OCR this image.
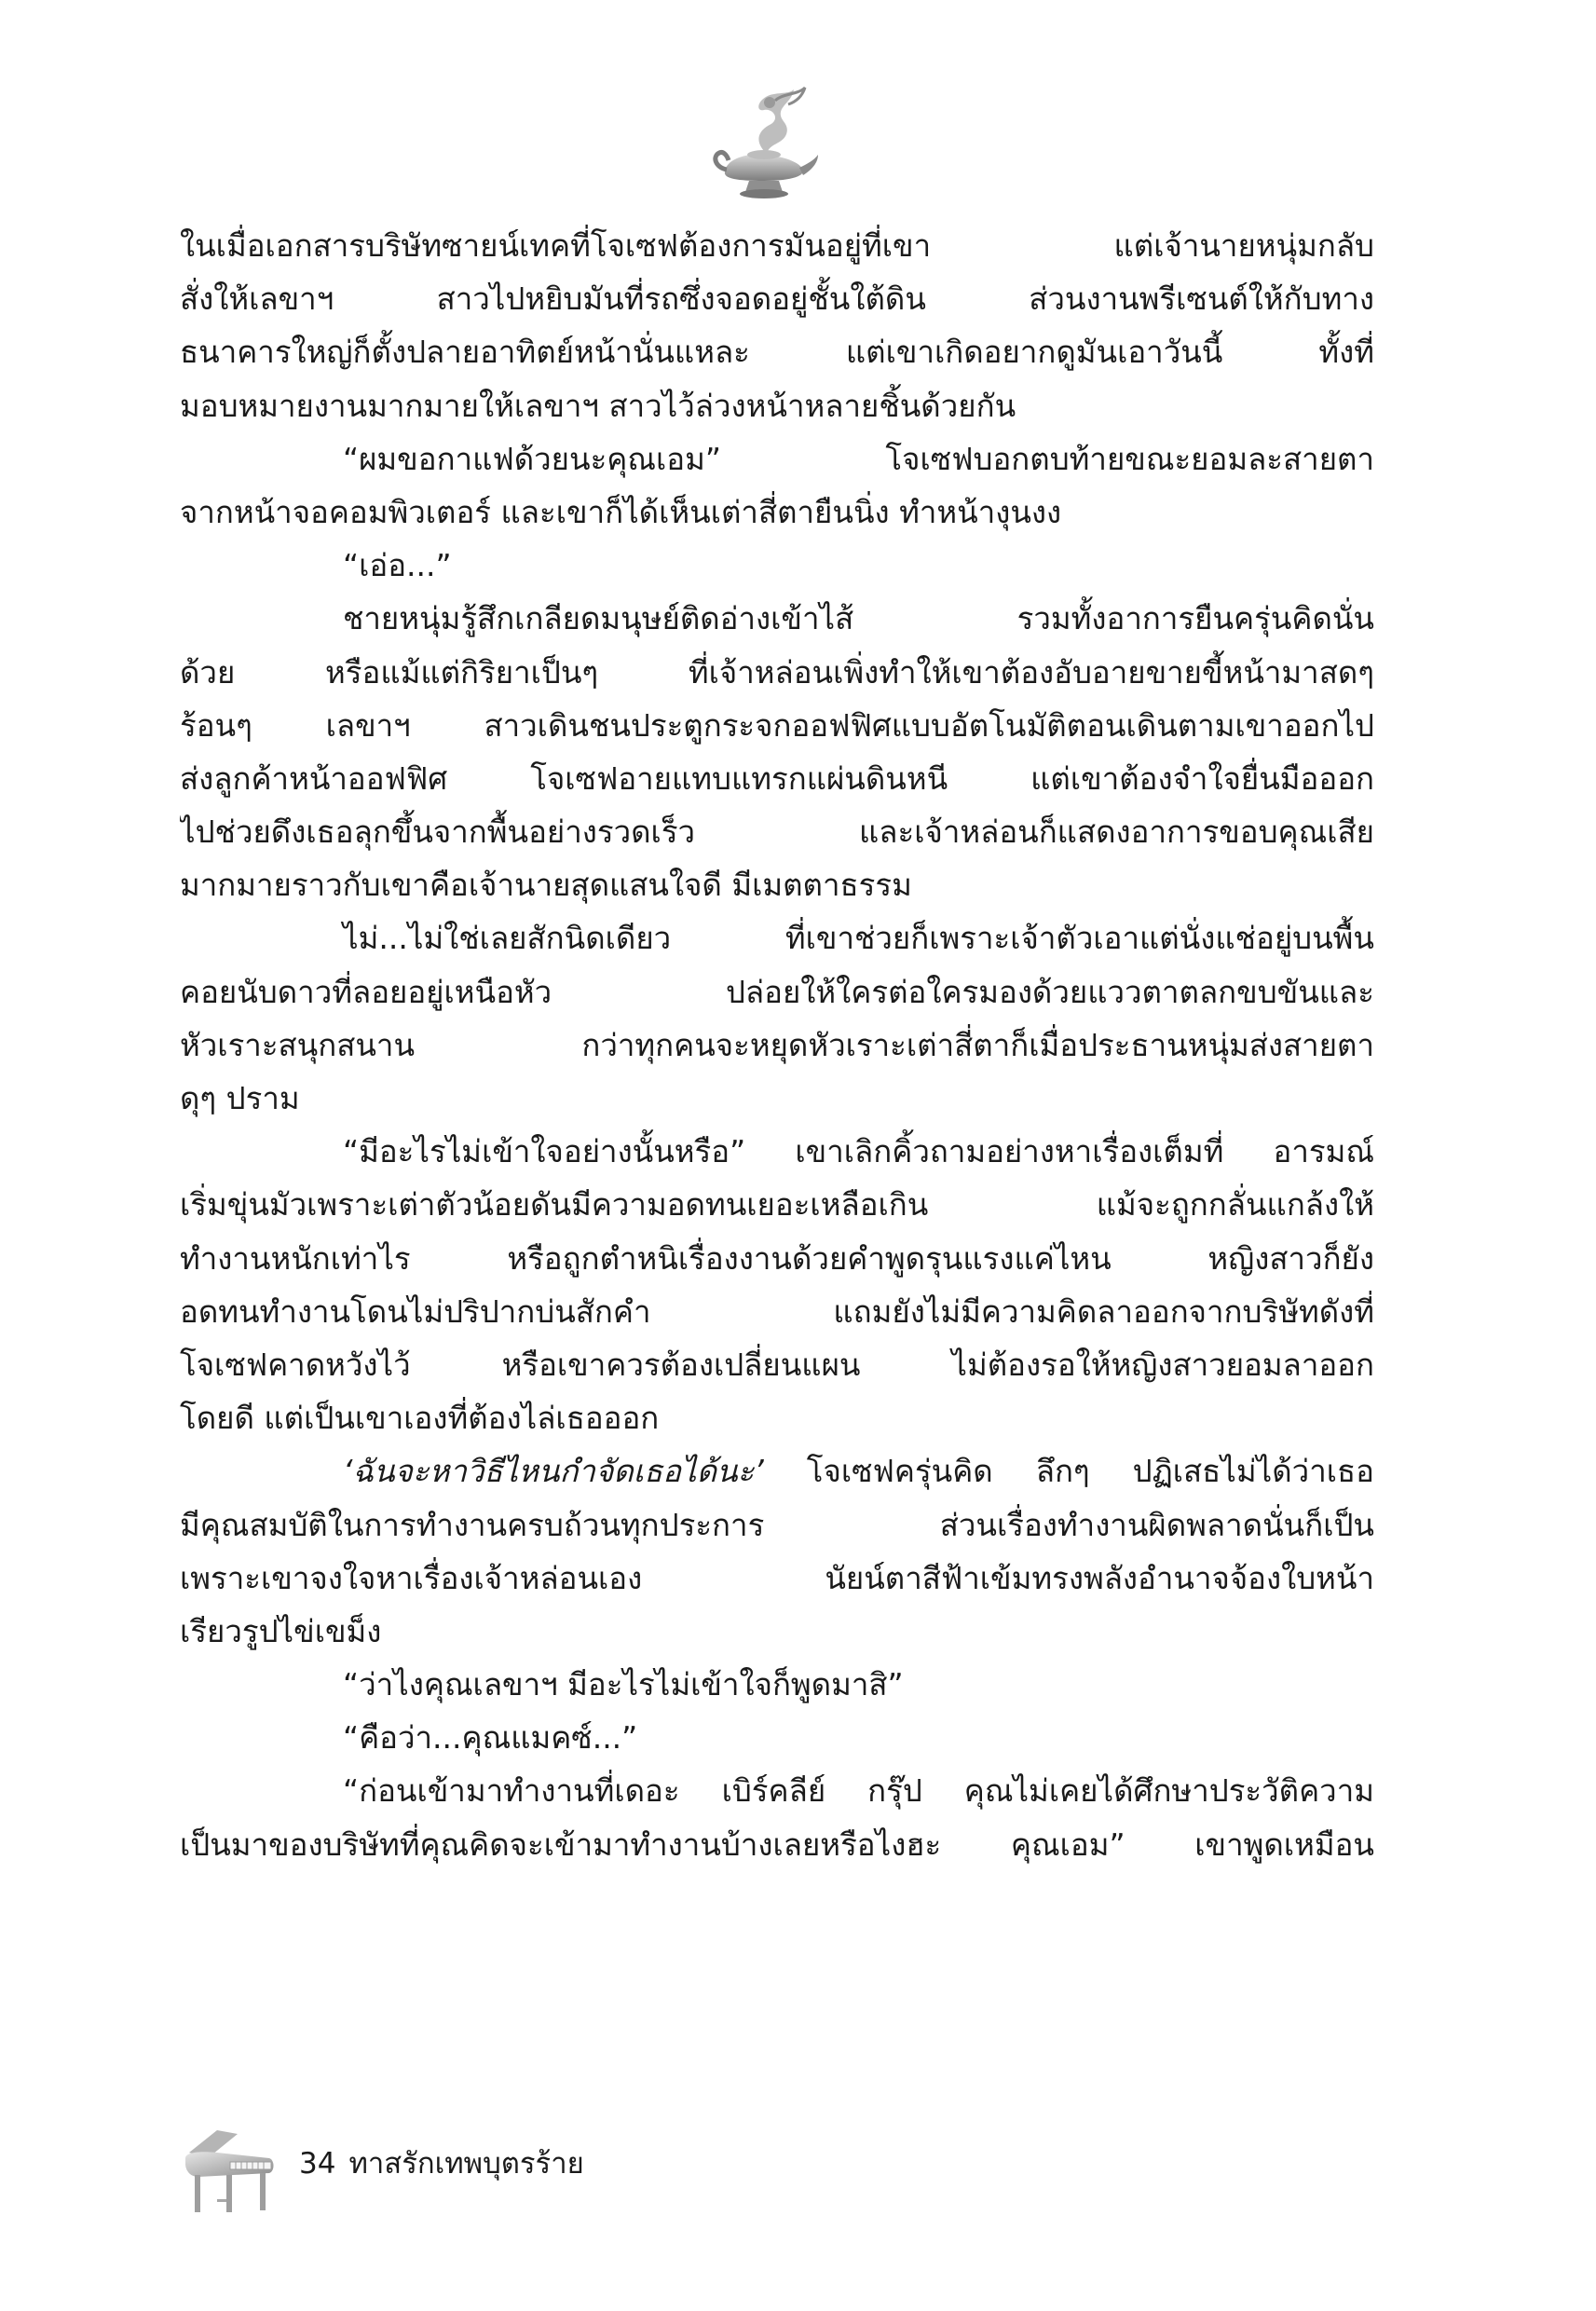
ในเมื่อเอกสารบริษัทซายน์เทคที่โจเซฟต้องการมันอยู่ที่เขา แต่เจ้านายหนุ่มกลับ
สั่งให้เลขาฯ สาวไปหยิบมันที่รถซึ่งจอดอยู่ชั้นใต้ดิน ส่วนงานพรีเซนต์ให้กับทาง
ธนาคารใหญ่ก็ตั้งปลายอาทิตย์หน้านั่นแหละ แต่เขาเกิดอยากดูมันเอาวันนี้ ทั้งที่
มอบหมายงานมากมายให้เลขาฯ สาวไว้ล่วงหน้าหลายชิ้นด้วยกัน
“ผมขอกาแฟด้วยนะคุณเอม” โจเซฟบอกตบท้ายขณะยอมละสายตา
จากหน้าจอคอมพิวเตอร์ และเขาก็ได้เห็นเต่าสี่ตายืนนิ่ง ทำหน้างุนงง
“เอ่อ...”
ชายหนุ่มรู้สึกเกลียดมนุษย์ติดอ่างเข้าไส้ รวมทั้งอาการยืนครุ่นคิดนั่น
ด้วย หรือแม้แต่กิริยาเป็นๆ ที่เจ้าหล่อนเพิ่งทำให้เขาต้องอับอายขายขี้หน้ามาสดๆ
ร้อนๆ เลขาฯ สาวเดินชนประตูกระจกออฟฟิศแบบอัตโนมัติตอนเดินตามเขาออกไป
ส่งลูกค้าหน้าออฟฟิศ โจเซฟอายแทบแทรกแผ่นดินหนี แต่เขาต้องจำใจยื่นมือออก
ไปช่วยดึงเธอลุกขึ้นจากพื้นอย่างรวดเร็ว และเจ้าหล่อนก็แสดงอาการขอบคุณเสีย
มากมายราวกับเขาคือเจ้านายสุดแสนใจดี มีเมตตาธรรม
ไม่...ไม่ใช่เลยสักนิดเดียว ที่เขาช่วยก็เพราะเจ้าตัวเอาแต่นั่งแช่อยู่บนพื้น
คอยนับดาวที่ลอยอยู่เหนือหัว ปล่อยให้ใครต่อใครมองด้วยแววตาตลกขบขันและ
หัวเราะสนุกสนาน กว่าทุกคนจะหยุดหัวเราะเต่าสี่ตาก็เมื่อประธานหนุ่มส่งสายตา
ดุๆ ปราม
“มีอะไรไม่เข้าใจอย่างนั้นหรือ” เขาเลิกคิ้วถามอย่างหาเรื่องเต็มที่ อารมณ์
เริ่มขุ่นมัวเพราะเต่าตัวน้อยดันมีความอดทนเยอะเหลือเกิน แม้จะถูกกลั่นแกล้งให้
ทำงานหนักเท่าไร หรือถูกตำหนิเรื่องงานด้วยคำพูดรุนแรงแค่ไหน หญิงสาวก็ยัง
อดทนทำงานโดนไม่ปริปากบ่นสักคำ แถมยังไม่มีความคิดลาออกจากบริษัทดังที่
โจเซฟคาดหวังไว้ หรือเขาควรต้องเปลี่ยนแผน ไม่ต้องรอให้หญิงสาวยอมลาออก
โดยดี แต่เป็นเขาเองที่ต้องไล่เธอออก
‘ฉันจะหาวิธีไหนกำจัดเธอได้นะ’ โจเซฟครุ่นคิด ลึกๆ ปฏิเสธไม่ได้ว่าเธอ
มีคุณสมบัติในการทำงานครบถ้วนทุกประการ ส่วนเรื่องทำงานผิดพลาดนั่นก็เป็น
เพราะเขาจงใจหาเรื่องเจ้าหล่อนเอง นัยน์ตาสีฟ้าเข้มทรงพลังอำนาจจ้องใบหน้า
เรียวรูปไข่เขม็ง
“ว่าไงคุณเลขาฯ มีอะไรไม่เข้าใจก็พูดมาสิ”
“คือว่า...คุณแมคซ์...”
“ก่อนเข้ามาทำงานที่เดอะ เบิร์คลีย์ กรุ๊ป คุณไม่เคยได้ศึกษาประวัติความ
เป็นมาของบริษัทที่คุณคิดจะเข้ามาทำงานบ้างเลยหรือไงฮะ คุณเอม” เขาพูดเหมือน
34 ทาสรักเทพบุตรร้าย
